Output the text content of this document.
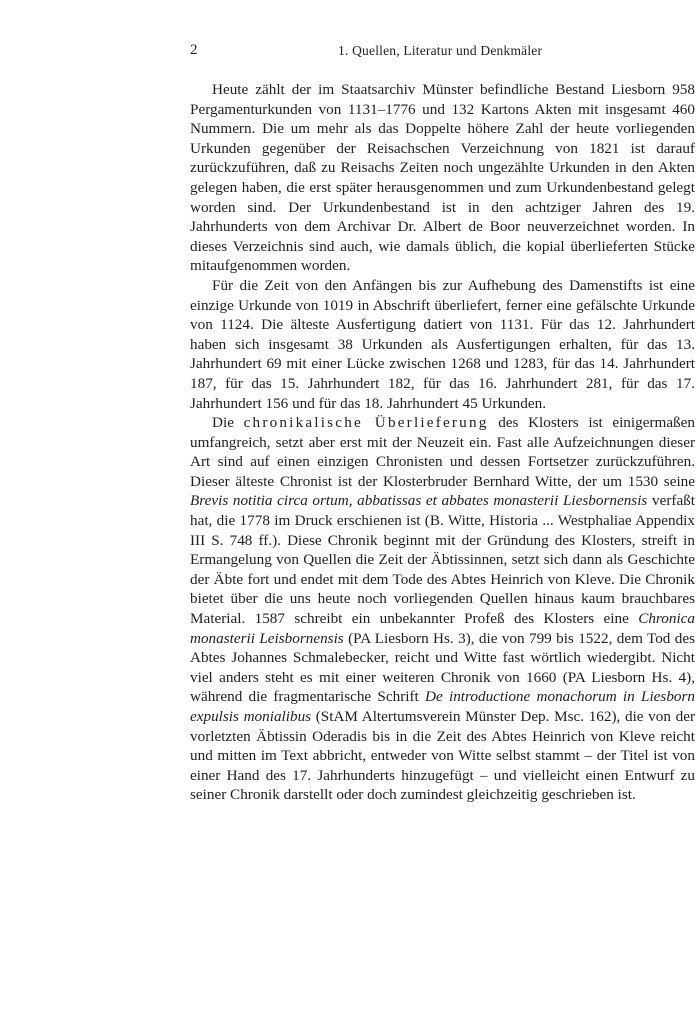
2	1. Quellen, Literatur und Denkmäler

Heute zählt der im Staatsarchiv Münster befindliche Bestand Liesborn 958 Pergamenturkunden von 1131–1776 und 132 Kartons Akten mit insgesamt 460 Nummern. Die um mehr als das Doppelte höhere Zahl der heute vorliegenden Urkunden gegenüber der Reisachschen Verzeichnung von 1821 ist darauf zurückzuführen, daß zu Reisachs Zeiten noch ungezählte Urkunden in den Akten gelegen haben, die erst später herausgenommen und zum Urkundenbestand gelegt worden sind. Der Urkundenbestand ist in den achtziger Jahren des 19. Jahrhunderts von dem Archivar Dr. Albert de Boor neuverzeichnet worden. In dieses Verzeichnis sind auch, wie damals üblich, die kopial überlieferten Stücke mitaufgenommen worden.

Für die Zeit von den Anfängen bis zur Aufhebung des Damenstifts ist eine einzige Urkunde von 1019 in Abschrift überliefert, ferner eine gefälschte Urkunde von 1124. Die älteste Ausfertigung datiert von 1131. Für das 12. Jahrhundert haben sich insgesamt 38 Urkunden als Ausfertigungen erhalten, für das 13. Jahrhundert 69 mit einer Lücke zwischen 1268 und 1283, für das 14. Jahrhundert 187, für das 15. Jahrhundert 182, für das 16. Jahrhundert 281, für das 17. Jahrhundert 156 und für das 18. Jahrhundert 45 Urkunden.

Die chronikalische Überlieferung des Klosters ist einigermaßen umfangreich, setzt aber erst mit der Neuzeit ein. Fast alle Aufzeichnungen dieser Art sind auf einen einzigen Chronisten und dessen Fortsetzer zurückzuführen. Dieser älteste Chronist ist der Klosterbruder Bernhard Witte, der um 1530 seine Brevis notitia circa ortum, abbatissas et abbates monasterii Liesbornensis verfaßt hat, die 1778 im Druck erschienen ist (B. Witte, Historia ... Westphaliae Appendix III S. 748 ff.). Diese Chronik beginnt mit der Gründung des Klosters, streift in Ermangelung von Quellen die Zeit der Äbtissinnen, setzt sich dann als Geschichte der Äbte fort und endet mit dem Tode des Abtes Heinrich von Kleve. Die Chronik bietet über die uns heute noch vorliegenden Quellen hinaus kaum brauchbares Material. 1587 schreibt ein unbekannter Profeß des Klosters eine Chronica monasterii Leisbornensis (PA Liesborn Hs. 3), die von 799 bis 1522, dem Tod des Abtes Johannes Schmalebecker, reicht und Witte fast wörtlich wiedergibt. Nicht viel anders steht es mit einer weiteren Chronik von 1660 (PA Liesborn Hs. 4), während die fragmentarische Schrift De introductione monachorum in Liesborn expulsis monialibus (StAM Altertumsverein Münster Dep. Msc. 162), die von der vorletzten Äbtissin Oderadis bis in die Zeit des Abtes Heinrich von Kleve reicht und mitten im Text abbricht, entweder von Witte selbst stammt – der Titel ist von einer Hand des 17. Jahrhunderts hinzugefügt – und vielleicht einen Entwurf zu seiner Chronik darstellt oder doch zumindest gleichzeitig geschrieben ist.
